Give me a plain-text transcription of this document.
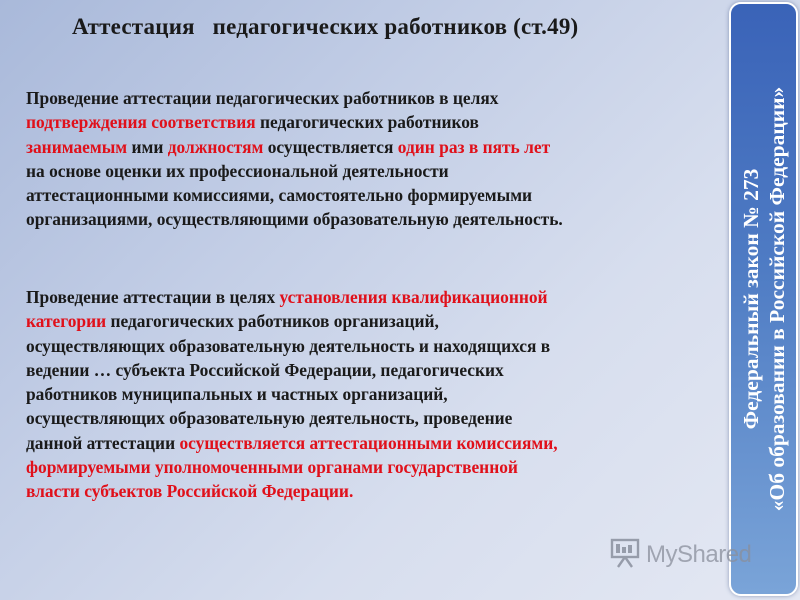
Аттестация   педагогических работников (ст.49)
Проведение аттестации педагогических работников в целях
подтверждения соответствия педагогических работников
занимаемым ими должностям осуществляется один раз в пять лет
на основе оценки их профессиональной деятельности
аттестационными комиссиями, самостоятельно формируемыми
организациями, осуществляющими образовательную деятельность.
Проведение аттестации в целях установления квалификационной
категории педагогических работников организаций,
осуществляющих образовательную деятельность и находящихся в
ведении … субъекта Российской Федерации, педагогических
работников муниципальных и частных организаций,
осуществляющих образовательную деятельность, проведение
данной аттестации осуществляется аттестационными комиссиями,
формируемыми уполномоченными органами государственной
власти субъектов Российской Федерации.
Федеральный закон № 273 «Об образовании в Российской Федерации»
MyShared
